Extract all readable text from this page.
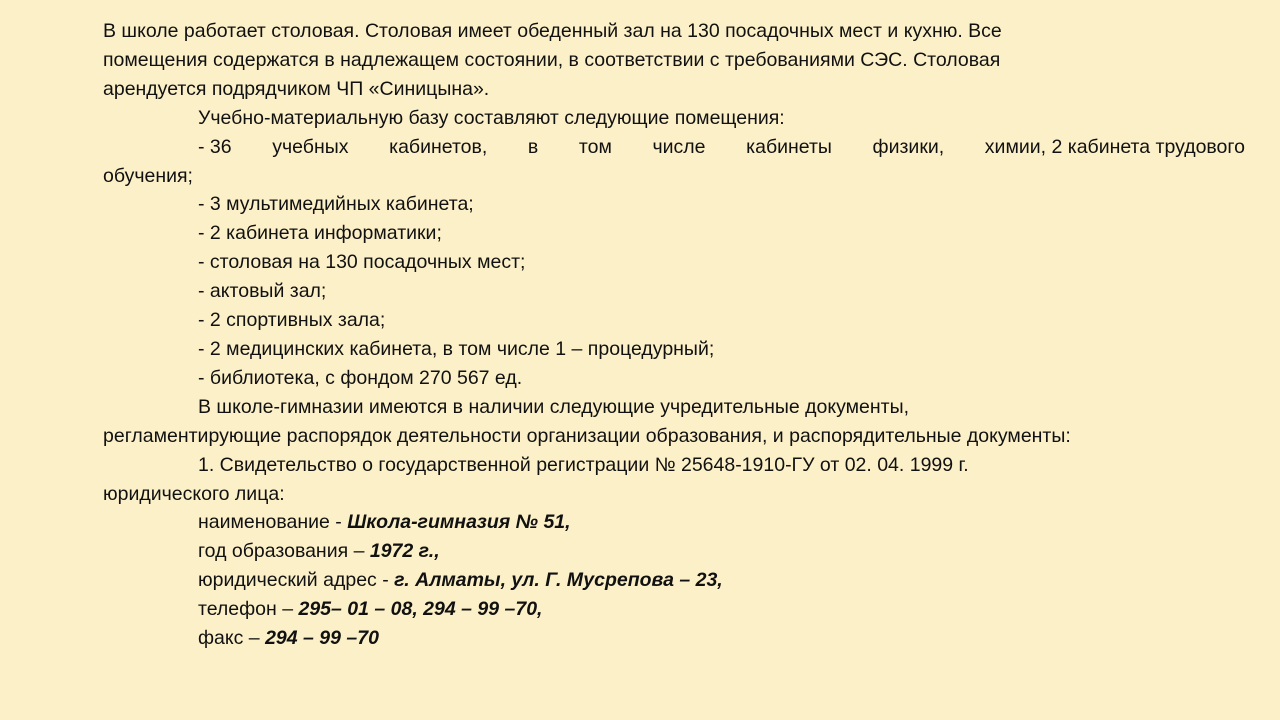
В школе работает столовая. Столовая имеет обеденный зал на 130 посадочных мест и кухню. Все
помещения содержатся в надлежащем состоянии, в соответствии с требованиями СЭС. Столовая
арендуется подрядчиком ЧП «Синицына».
Учебно-материальную базу составляют следующие помещения:
- 36 учебных кабинетов, в том числе кабинеты физики, химии, 2 кабинета трудового
обучения;
- 3 мультимедийных кабинета;
- 2 кабинета информатики;
- столовая на 130 посадочных мест;
- актовый зал;
- 2 спортивных зала;
- 2 медицинских кабинета, в том числе 1 – процедурный;
- библиотека, с фондом 270 567 ед.
В школе-гимназии имеются в наличии следующие учредительные документы,
регламентирующие распорядок деятельности организации образования, и распорядительные документы:
1. Свидетельство о государственной регистрации № 25648-1910-ГУ от 02. 04. 1999 г.
юридического лица:
наименование - Школа-гимназия № 51,
год образования – 1972 г.,
юридический адрес - г. Алматы, ул. Г. Мусрепова – 23,
телефон – 295– 01 – 08, 294 – 99 –70,
факс – 294 – 99 –70
